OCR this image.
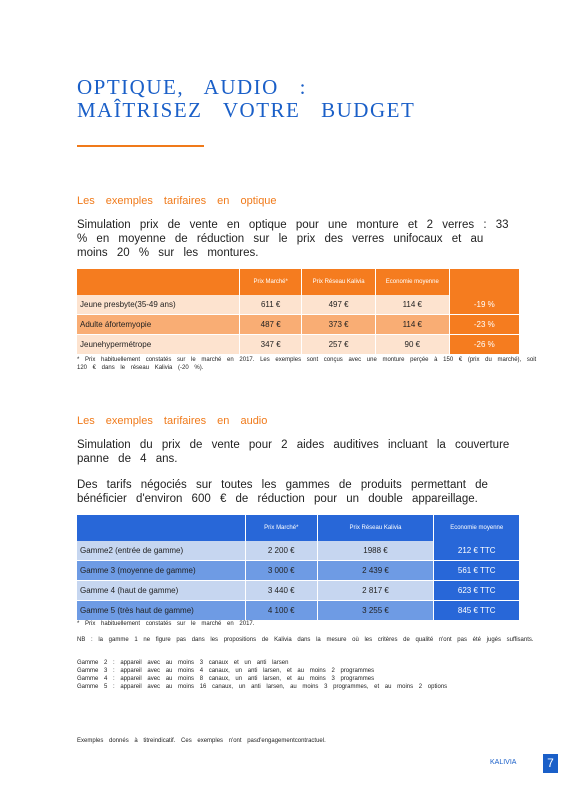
OPTIQUE, AUDIO :
MAÎTRISEZ VOTRE BUDGET
Les exemples tarifaires en optique
Simulation prix de vente en optique pour une monture et 2 verres : 33 % en moyenne de réduction sur le prix des verres unifocaux et au moins 20 % sur les montures.
	Prix Marché*	Prix Réseau Kalivia	Economie moyenne	
Jeune presbyte(35-49 ans)	611 €	497 €	114 €	-19 %
Adulte áfortemyopie	487 €	373 €	114 €	-23 %
Jeunehypermétrope	347 €	257 €	90 €	-26 %
* Prix habituellement constatés sur le marché en 2017. Les exemples sont conçus avec une monture perçée à 150 € (prix du marché), soit 120 € dans le réseau Kalivia (-20 %).
Les exemples tarifaires en audio
Simulation du prix de vente pour 2 aides auditives incluant la couverture panne de 4 ans.
Des tarifs négociés sur toutes les gammes de produits permettant de bénéficier d'environ 600 € de réduction pour un double appareillage.
	Prix Marché*	Prix Réseau Kalivia	Economie moyenne
Gamme2 (entrée de gamme)	2 200 €	1988 €	212 € TTC
Gamme 3 (moyenne de gamme)	3 000 €	2 439 €	561 € TTC
Gamme 4 (haut de gamme)	3 440 €	2 817 €	623 € TTC
Gamme 5 (très haut de gamme)	4 100 €	3 255 €	845 € TTC
* Prix habituellement constatés sur le marché en 2017.
NB : la gamme 1 ne figure pas dans les propositions de Kalivia dans la mesure où les critères de qualité n'ont pas été jugés suffisants.
Gamme 2 : appareil avec au moins 3 canaux et un anti larsen
Gamme 3 : appareil avec au moins 4 canaux, un anti larsen, et au moins 2 programmes
Gamme 4 : appareil avec au moins 8 canaux, un anti larsen, et au moins 3 programmes
Gamme 5 : appareil avec au moins 16 canaux, un anti larsen, au moins 3 programmes, et au moins 2 options
Exemples donnés à titreindicatif. Ces exemples n'ont pasd'engagementcontractuel.
KALIVIA	7
